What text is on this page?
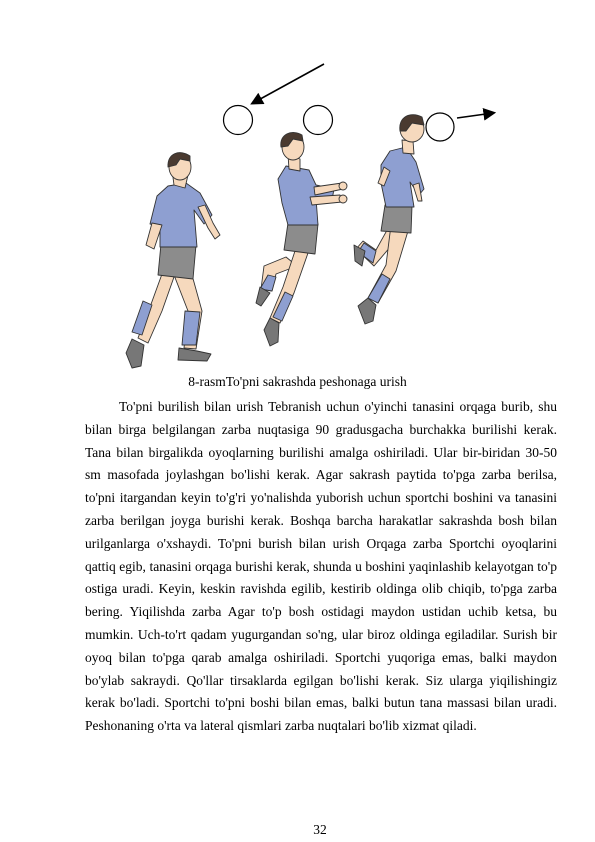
8-rasmTo'pni sakrashda peshonaga urish

To'pni burilish bilan urish Tebranish uchun o'yinchi tanasini orqaga burib, shu bilan birga belgilangan zarba nuqtasiga 90 gradusgacha burchakka burilishi kerak. Tana bilan birgalikda oyoqlarning burilishi amalga oshiriladi. Ular bir-biridan 30-50 sm masofada joylashgan bo'lishi kerak. Agar sakrash paytida to'pga zarba berilsa, to'pni itargandan keyin to'g'ri yo'nalishda yuborish uchun sportchi boshini va tanasini zarba berilgan joyga burishi kerak. Boshqa barcha harakatlar sakrashda bosh bilan urilganlarga o'xshaydi. To'pni burish bilan urish Orqaga zarba Sportchi oyoqlarini qattiq egib, tanasini orqaga burishi kerak, shunda u boshini yaqinlashib kelayotgan to'p ostiga uradi. Keyin, keskin ravishda egilib, kestirib oldinga olib chiqib, to'pga zarba bering. Yiqilishda zarba Agar to'p bosh ostidagi maydon ustidan uchib ketsa, bu mumkin. Uch-to'rt qadam yugurgandan so'ng, ular biroz oldinga egiladilar. Surish bir oyoq bilan to'pga qarab amalga oshiriladi. Sportchi yuqoriga emas, balki maydon bo'ylab sakraydi. Qo'llar tirsaklarda egilgan bo'lishi kerak. Siz ularga yiqilishingiz kerak bo'ladi. Sportchi to'pni boshi bilan emas, balki butun tana massasi bilan uradi. Peshonaning o'rta va lateral qismlari zarba nuqtalari bo'lib xizmat qiladi.

32
